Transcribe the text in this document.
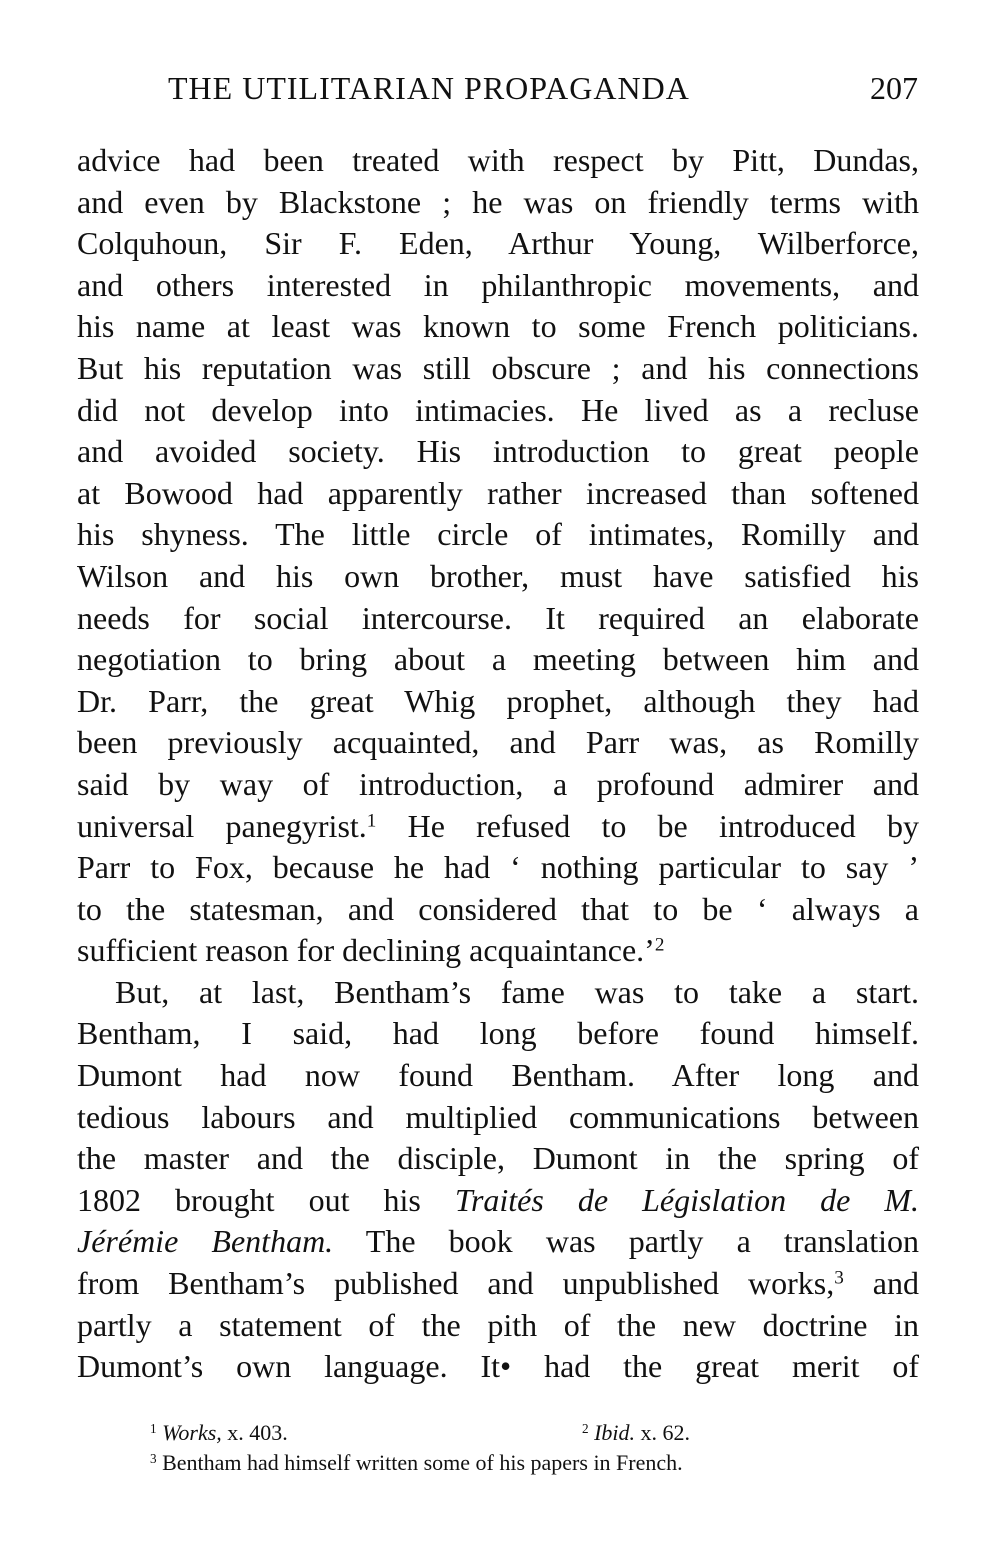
THE UTILITARIAN PROPAGANDA	207
advice had been treated with respect by Pitt, Dundas,
and even by Blackstone ; he was on friendly terms with
Colquhoun, Sir F. Eden, Arthur Young, Wilberforce,
and others interested in philanthropic movements, and
his name at least was known to some French politicians.
But his reputation was still obscure ; and his connections
did not develop into intimacies. He lived as a recluse
and avoided society. His introduction to great people
at Bowood had apparently rather increased than softened
his shyness. The little circle of intimates, Romilly and
Wilson and his own brother, must have satisfied his
needs for social intercourse. It required an elaborate
negotiation to bring about a meeting between him and
Dr. Parr, the great Whig prophet, although they had
been previously acquainted, and Parr was, as Romilly
said by way of introduction, a profound admirer and
universal panegyrist.$^1$ He refused to be introduced by
Parr to Fox, because he had ‘ nothing particular to say ’
to the statesman, and considered that to be ‘ always a
sufficient reason for declining acquaintance.’$^2$
But, at last, Bentham’s fame was to take a start.
Bentham, I said, had long before found himself.
Dumont had now found Bentham. After long and
tedious labours and multiplied communications between
the master and the disciple, Dumont in the spring of
1802 brought out his Traités de Législation de M.
Jérémie Bentham. The book was partly a translation
from Bentham’s published and unpublished works,$^3$ and
partly a statement of the pith of the new doctrine in
Dumont’s own language. It• had the great merit of
$^1$ Works, x. 403.	$^2$ Ibid. x. 62.
$^3$ Bentham had himself written some of his papers in French.
